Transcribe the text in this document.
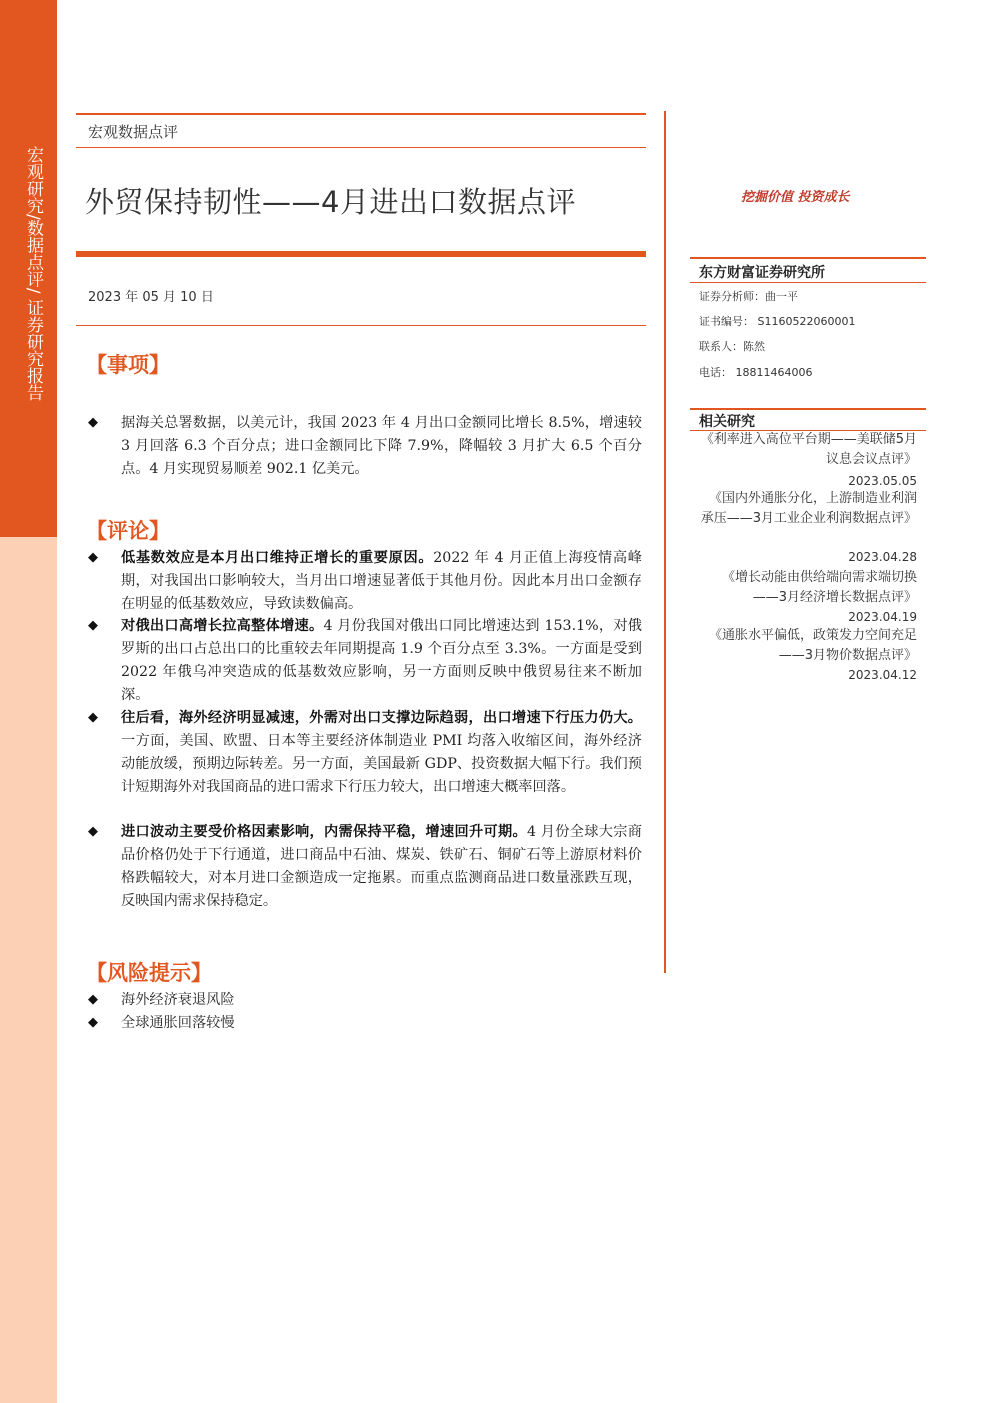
宏观研究/数据点评/ 证券研究报告
宏观数据点评
外贸保持韧性——4月进出口数据点评
2023 年 05 月 10 日
挖掘价值 投资成长
东方财富证券研究所
证券分析师：曲一平
证书编号： S1160522060001
联系人：陈然
电话： 18811464006
相关研究
《利率进入高位平台期——美联储5月议息会议点评》
2023.05.05
《国内外通胀分化，上游制造业利润承压——3月工业企业利润数据点评》
2023.04.28
《增长动能由供给端向需求端切换——3月经济增长数据点评》
2023.04.19
《通胀水平偏低，政策发力空间充足——3月物价数据点评》
2023.04.12
【事项】
◆ 据海关总署数据，以美元计，我国 2023 年 4 月出口金额同比增长 8.5%，增速较 3 月回落 6.3 个百分点；进口金额同比下降 7.9%，降幅较 3 月扩大 6.5 个百分点。4 月实现贸易顺差 902.1 亿美元。
【评论】
◆ 低基数效应是本月出口维持正增长的重要原因。2022 年 4 月正值上海疫情高峰期，对我国出口影响较大，当月出口增速显著低于其他月份。因此本月出口金额存在明显的低基数效应，导致读数偏高。
◆ 对俄出口高增长拉高整体增速。4 月份我国对俄出口同比增速达到 153.1%，对俄罗斯的出口占总出口的比重较去年同期提高 1.9 个百分点至 3.3%。一方面是受到 2022 年俄乌冲突造成的低基数效应影响，另一方面则反映中俄贸易往来不断加深。
◆ 往后看，海外经济明显减速，外需对出口支撑边际趋弱，出口增速下行压力仍大。一方面，美国、欧盟、日本等主要经济体制造业 PMI 均落入收缩区间，海外经济动能放缓，预期边际转差。另一方面，美国最新 GDP、投资数据大幅下行。我们预计短期海外对我国商品的进口需求下行压力较大，出口增速大概率回落。
◆ 进口波动主要受价格因素影响，内需保持平稳，增速回升可期。4 月份全球大宗商品价格仍处于下行通道，进口商品中石油、煤炭、铁矿石、铜矿石等上游原材料价格跌幅较大，对本月进口金额造成一定拖累。而重点监测商品进口数量涨跌互现，反映国内需求保持稳定。
【风险提示】
◆ 海外经济衰退风险
◆ 全球通胀回落较慢
